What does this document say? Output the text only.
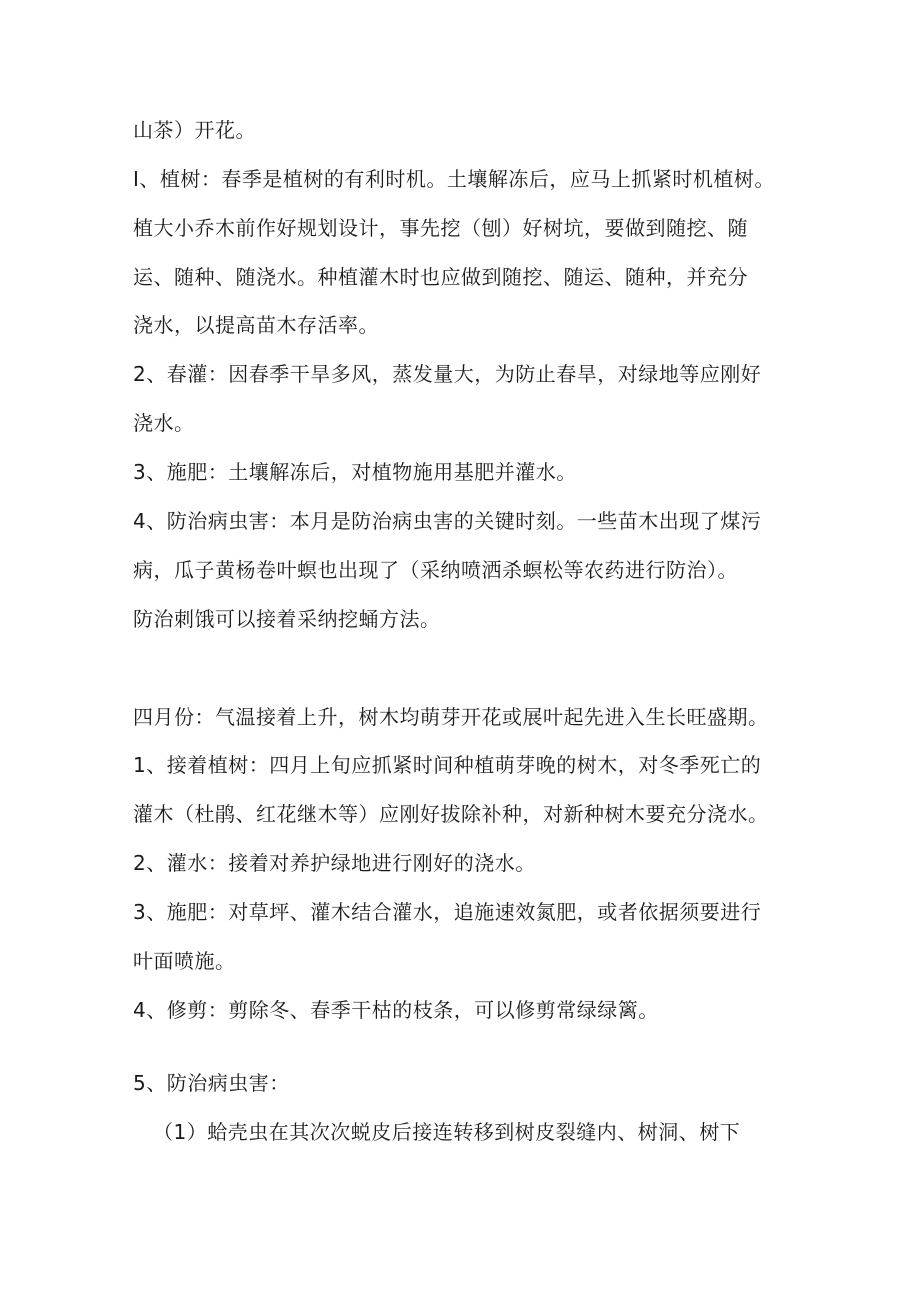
山茶）开花。
I、植树：春季是植树的有利时机。土壤解冻后，应马上抓紧时机植树。
植大小乔木前作好规划设计，事先挖（刨）好树坑，要做到随挖、随
运、随种、随浇水。种植灌木时也应做到随挖、随运、随种，并充分
浇水，以提高苗木存活率。
2、春灌：因春季干旱多风，蒸发量大，为防止春旱，对绿地等应刚好
浇水。
3、施肥：土壤解冻后，对植物施用基肥并灌水。
4、防治病虫害：本月是防治病虫害的关键时刻。一些苗木出现了煤污
病，瓜子黄杨卷叶螟也出现了（采纳喷洒杀螟松等农药进行防治）。
防治刺饿可以接着采纳挖蛹方法。
四月份：气温接着上升，树木均萌芽开花或展叶起先进入生长旺盛期。
1、接着植树：四月上旬应抓紧时间种植萌芽晚的树木，对冬季死亡的
灌木（杜鹃、红花继木等）应刚好拔除补种，对新种树木要充分浇水。
2、灌水：接着对养护绿地进行刚好的浇水。
3、施肥：对草坪、灌木结合灌水，追施速效氮肥，或者依据须要进行
叶面喷施。
4、修剪：剪除冬、春季干枯的枝条，可以修剪常绿绿篱。
5、防治病虫害：
（1）蛤壳虫在其次次蜕皮后接连转移到树皮裂缝内、树洞、树下
